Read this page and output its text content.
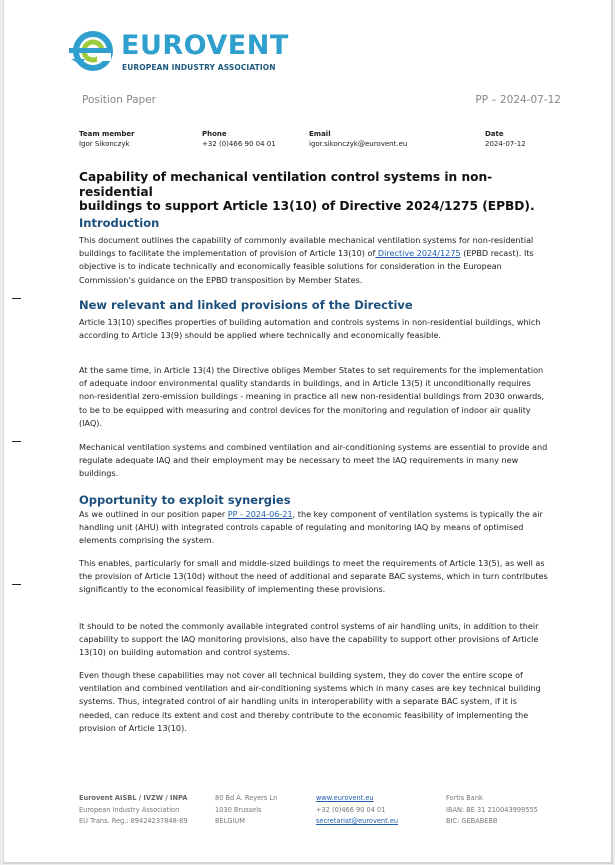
EUROVENT
EUROPEAN INDUSTRY ASSOCIATION
Position Paper	PP – 2024-07-12
Team member
Igor Sikonczyk
Phone
+32 (0)466 90 04 01
Email
igor.sikonczyk@eurovent.eu
Date
2024-07-12
Capability of mechanical ventilation control systems in non-residential
buildings to support Article 13(10) of Directive 2024/1275 (EPBD).
Introduction
This document outlines the capability of commonly available mechanical ventilation systems for non-residential buildings to facilitate the implementation of provision of Article 13(10) of Directive 2024/1275 (EPBD recast). Its objective is to indicate technically and economically feasible solutions for consideration in the European Commission’s guidance on the EPBD transposition by Member States.
New relevant and linked provisions of the Directive
Article 13(10) specifies properties of building automation and controls systems in non-residential buildings, which according to Article 13(9) should be applied where technically and economically feasible.
At the same time, in Article 13(4) the Directive obliges Member States to set requirements for the implementation of adequate indoor environmental quality standards in buildings, and in Article 13(5) it unconditionally requires non-residential zero-emission buildings - meaning in practice all new non-residential buildings from 2030 onwards, to be to be equipped with measuring and control devices for the monitoring and regulation of indoor air quality (IAQ).
Mechanical ventilation systems and combined ventilation and air-conditioning systems are essential to provide and regulate adequate IAQ and their employment may be necessary to meet the IAQ requirements in many new buildings.
Opportunity to exploit synergies
As we outlined in our position paper PP - 2024-06-21, the key component of ventilation systems is typically the air handling unit (AHU) with integrated controls capable of regulating and monitoring IAQ by means of optimised elements comprising the system.
This enables, particularly for small and middle-sized buildings to meet the requirements of Article 13(5), as well as the provision of Article 13(10d) without the need of additional and separate BAC systems, which in turn contributes significantly to the economical feasibility of implementing these provisions.
It should to be noted the commonly available integrated control systems of air handling units, in addition to their capability to support the IAQ monitoring provisions, also have the capability to support other provisions of Article 13(10) on building automation and control systems.
Even though these capabilities may not cover all technical building system, they do cover the entire scope of ventilation and combined ventilation and air-conditioning systems which in many cases are key technical building systems. Thus, integrated control of air handling units in interoperability with a separate BAC system, if it is needed, can reduce its extent and cost and thereby contribute to the economic feasibility of implementing the provision of Article 13(10).
Eurovent AISBL / IVZW / INPA
European Industry Association
EU Trans. Reg.: 89424237848-89
80 Bd A. Reyers Ln
1030 Brussels
BELGIUM
www.eurovent.eu
+32 (0)466 90 04 01
secretariat@eurovent.eu
Fortis Bank
IBAN: BE 31 210043999555
BIC: GEBABEBB
